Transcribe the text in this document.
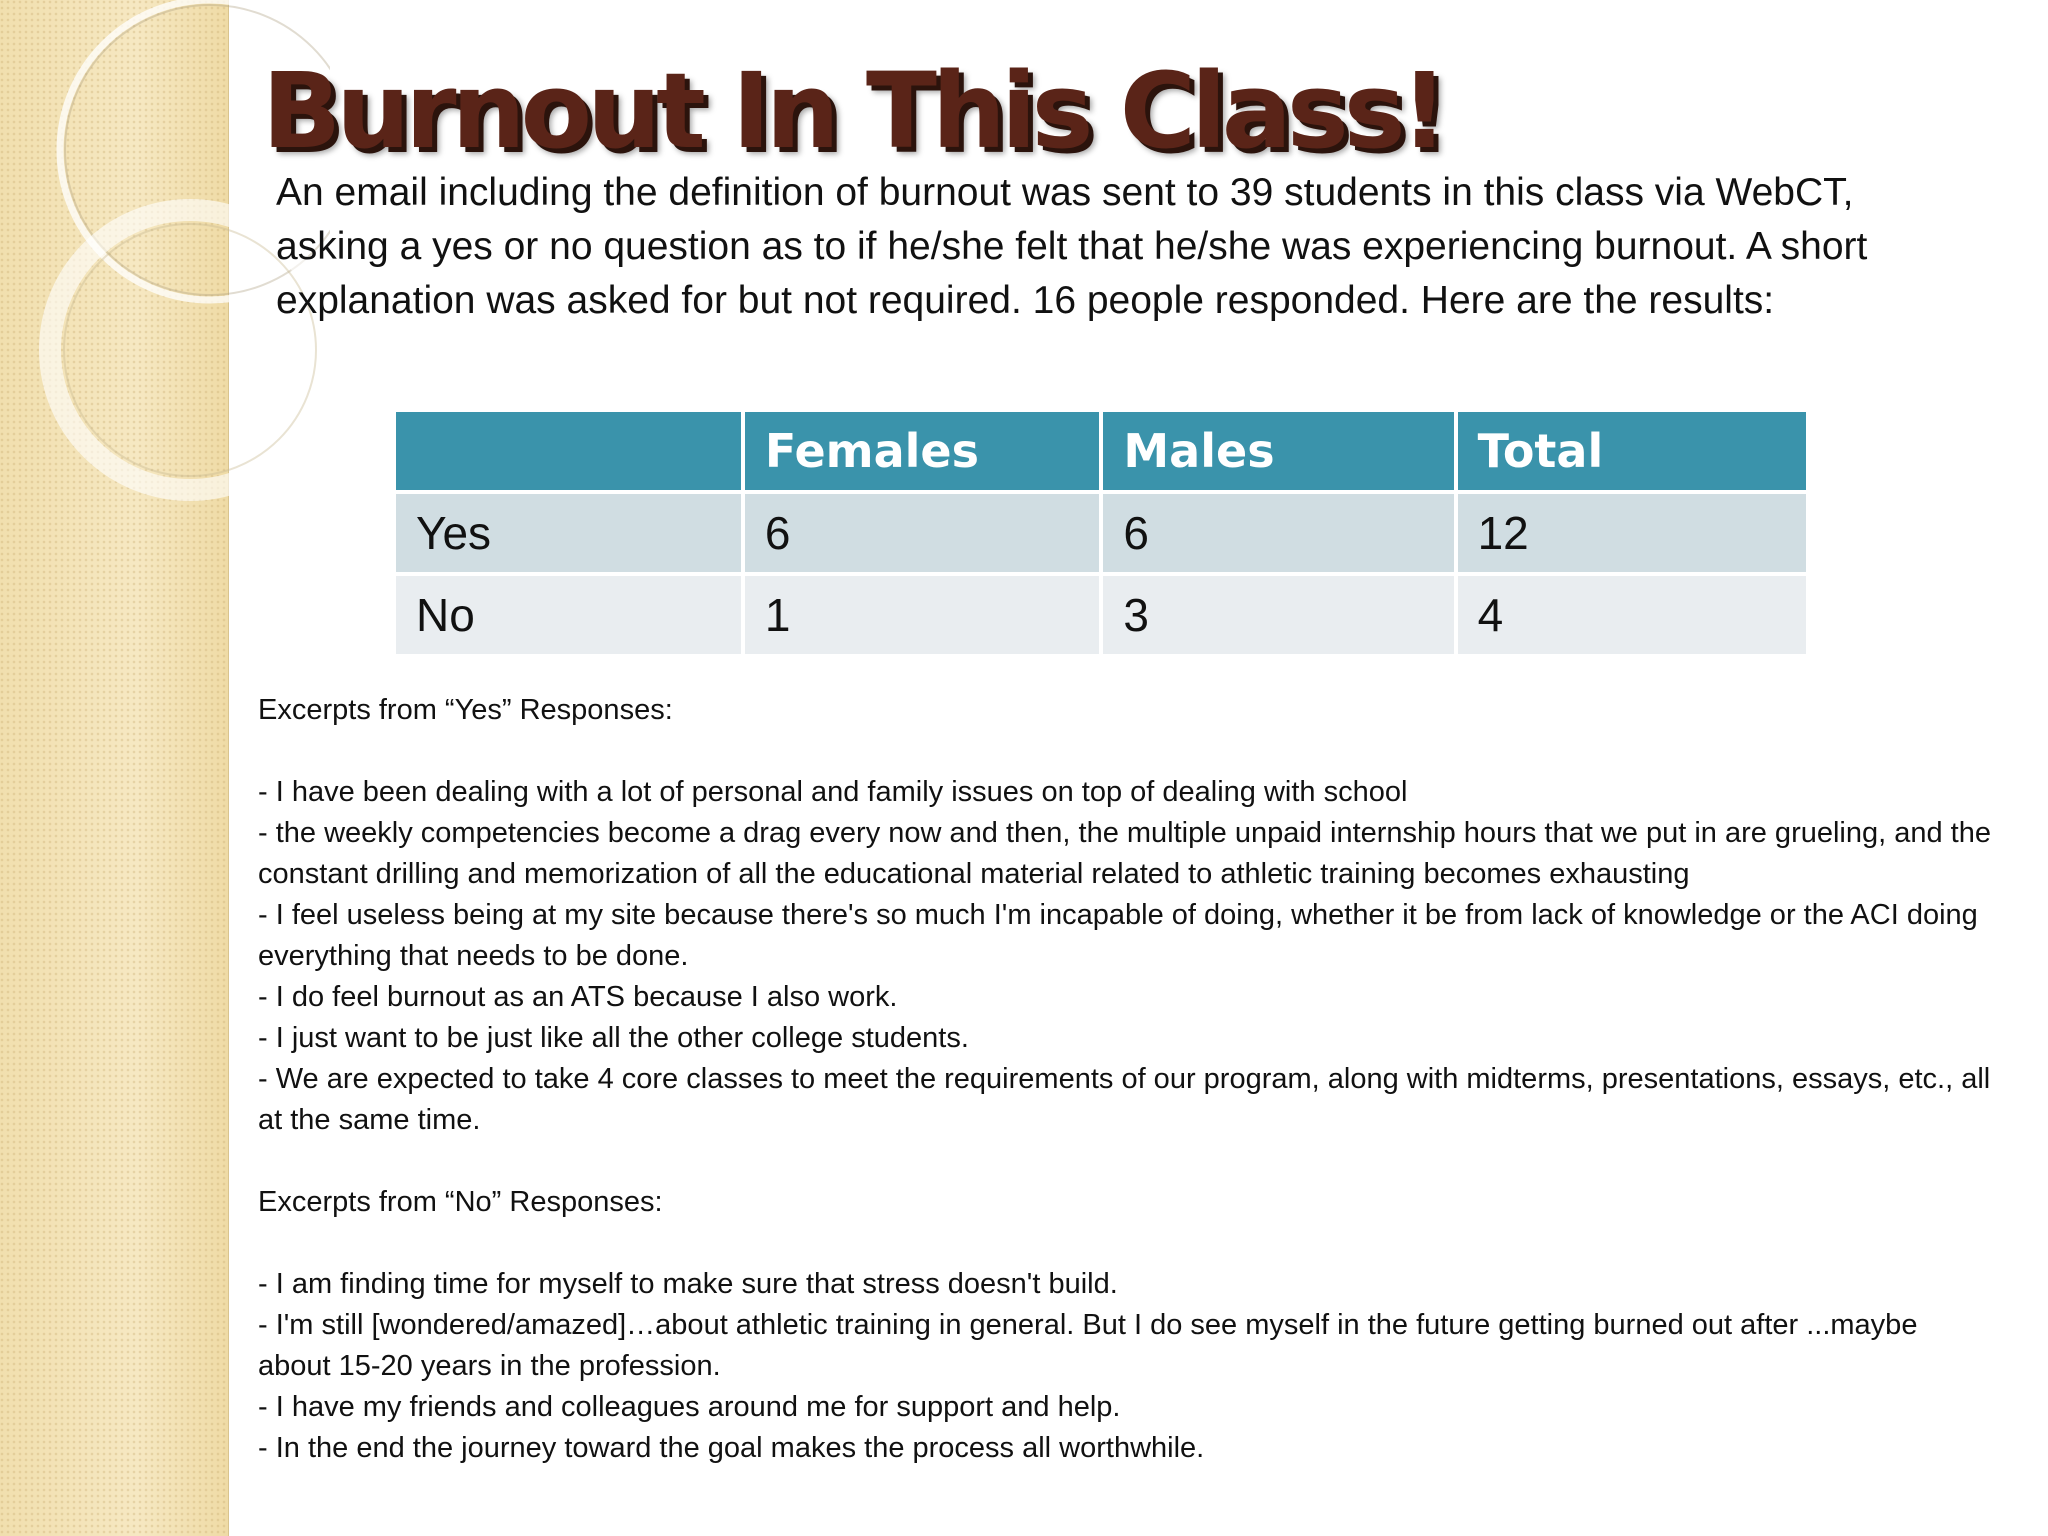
Burnout In This Class!

An email including the definition of burnout was sent to 39 students in this class via WebCT, asking a yes or no question as to if he/she felt that he/she was experiencing burnout. A short explanation was asked for but not required. 16 people responded. Here are the results:

	Females	Males	Total
Yes	6	6	12
No	1	3	4

Excerpts from “Yes” Responses:

- I have been dealing with a lot of personal and family issues on top of dealing with school

- the weekly competencies become a drag every now and then, the multiple unpaid internship hours that we put in are grueling, and the constant drilling and memorization of all the educational material related to athletic training becomes exhausting

- I feel useless being at my site because there's so much I'm incapable of doing, whether it be from lack of knowledge or the ACI doing everything that needs to be done.

- I do feel burnout as an ATS because I also work.

- I just want to be just like all the other college students.

- We are expected to take 4 core classes to meet the requirements of our program, along with midterms, presentations, essays, etc., all at the same time.

Excerpts from “No” Responses:

- I am finding time for myself to make sure that stress doesn't build.

- I'm still [wondered/amazed]…about athletic training in general. But I do see myself in the future getting burned out after ...maybe about 15-20 years in the profession.

- I have my friends and colleagues around me for support and help.

- In the end the journey toward the goal makes the process all worthwhile.
